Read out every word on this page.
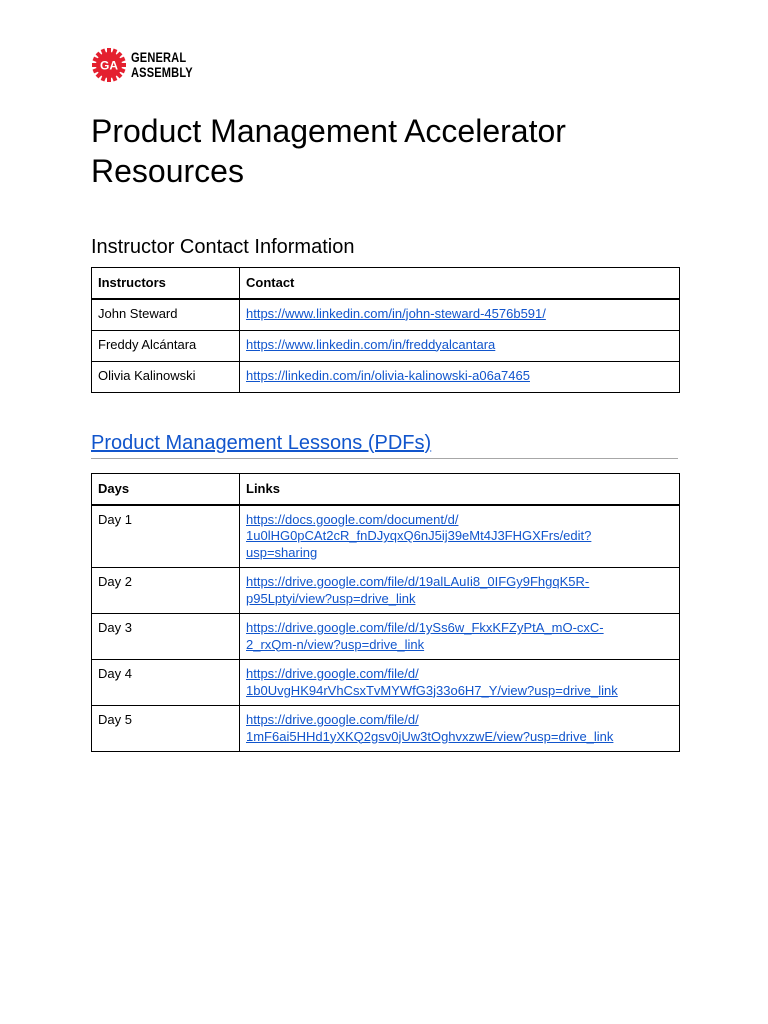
GA
GENERAL
ASSEMBLY
Product Management Accelerator Resources
Instructor Contact Information
Instructors	Contact
John Steward	https://www.linkedin.com/in/john-steward-4576b591/
Freddy Alcántara	https://www.linkedin.com/in/freddyalcantara
Olivia Kalinowski	https://linkedin.com/in/olivia-kalinowski-a06a7465
Product Management Lessons (PDFs)
Days	Links
Day 1	https://docs.google.com/document/d/
1u0lHG0pCAt2cR_fnDJyqxQ6nJ5ij39eMt4J3FHGXFrs/edit?
usp=sharing
Day 2	https://drive.google.com/file/d/19alLAuIi8_0IFGy9FhgqK5R-
p95Lptyi/view?usp=drive_link
Day 3	https://drive.google.com/file/d/1ySs6w_FkxKFZyPtA_mO-cxC-
2_rxQm-n/view?usp=drive_link
Day 4	https://drive.google.com/file/d/
1b0UvgHK94rVhCsxTvMYWfG3j33o6H7_Y/view?usp=drive_link
Day 5	https://drive.google.com/file/d/
1mF6ai5HHd1yXKQ2gsv0jUw3tOghvxzwE/view?usp=drive_link
